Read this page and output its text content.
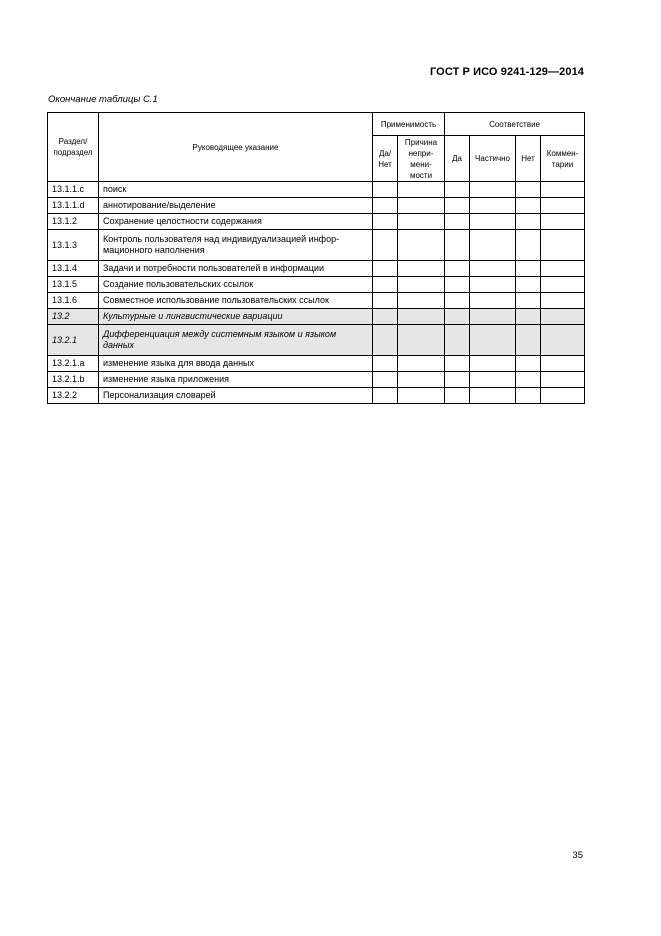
ГОСТ Р ИСО 9241-129—2014
Окончание таблицы С.1
Раздел/ подраздел	Руководящее указание	Применимость		Соответствие			
		Да/ Нет	Причина непри-мени-мости	Да	Частично	Нет	Коммен-тарии
13.1.1.c	поиск						
13.1.1.d	аннотирование/выделение						
13.1.2	Сохранение целостности содержания						
13.1.3	Контроль пользователя над индивидуализацией инфор-мационного наполнения						
13.1.4	Задачи и потребности пользователей в информации						
13.1.5	Создание пользовательских ссылок						
13.1.6	Совместное использование пользовательских ссылок						
13.2	Культурные и лингвистические вариации						
13.2.1	Дифференциация между системным языком и языком данных						
13.2.1.a	изменение языка для ввода данных						
13.2.1.b	изменение языка приложения						
13.2.2	Персонализация словарей						
35
